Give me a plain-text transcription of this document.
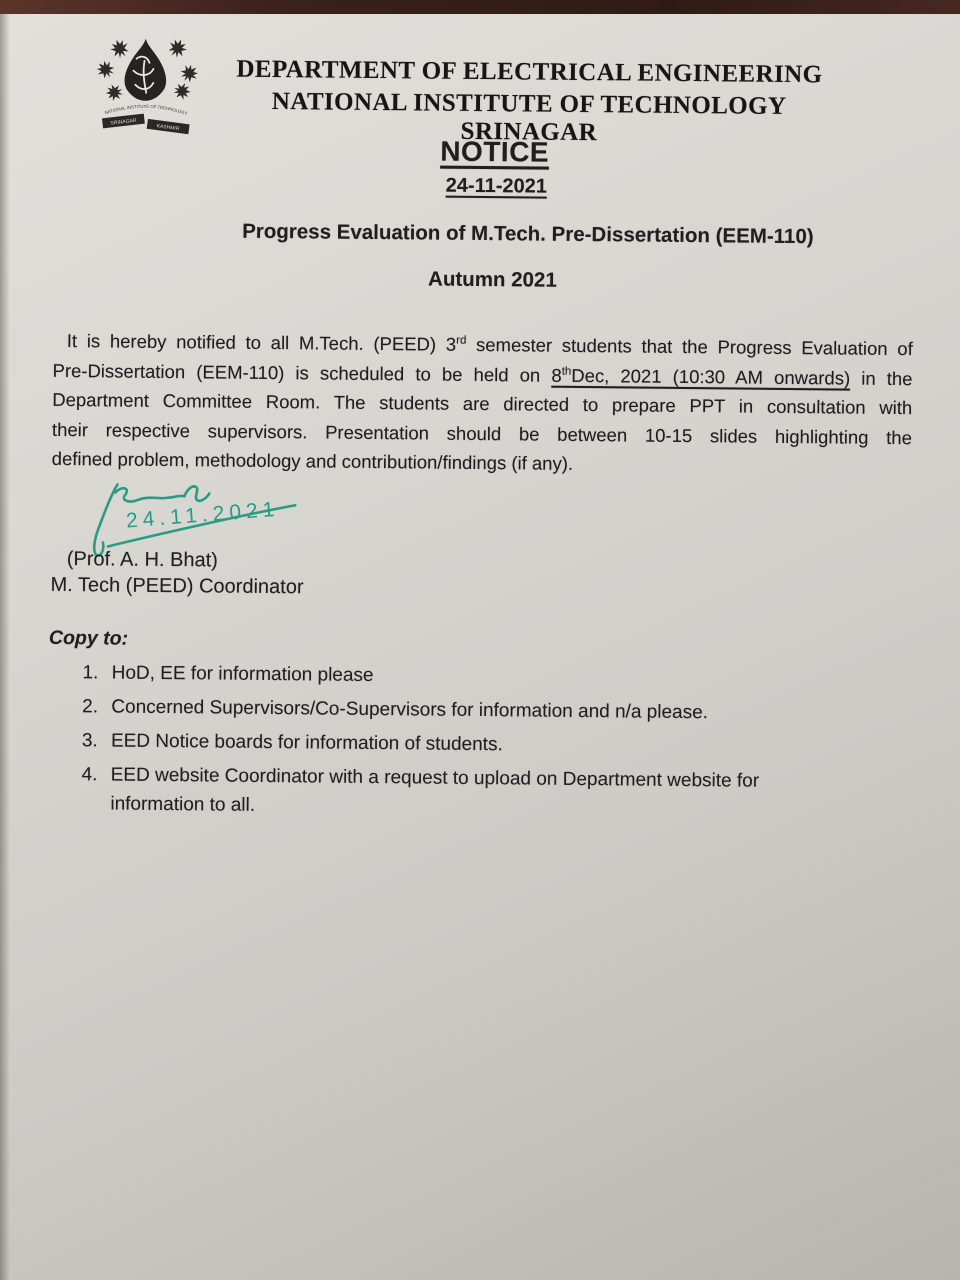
NATIONAL INSTITUTE OF TECHNOLOGY
SRINAGAR
KASHMIR
DEPARTMENT OF ELECTRICAL ENGINEERING
NATIONAL INSTITUTE OF TECHNOLOGY SRINAGAR
NOTICE
24-11-2021
Progress Evaluation of M.Tech. Pre-Dissertation (EEM-110)
Autumn 2021
It is hereby notified to all M.Tech. (PEED) 3rd semester students that the Progress Evaluation of
Pre-Dissertation (EEM-110) is scheduled to be held on 8thDec, 2021 (10:30 AM onwards) in the
Department Committee Room. The students are directed to prepare PPT in consultation with
their respective supervisors. Presentation should be between 10-15 slides highlighting the
defined problem, methodology and contribution/findings (if any).
24.11.2021
(Prof. A. H. Bhat)
M. Tech (PEED) Coordinator
Copy to:
1. HoD, EE for information please
2. Concerned Supervisors/Co-Supervisors for information and n/a please.
3. EED Notice boards for information of students.
4. EED website Coordinator with a request to upload on Department website for information to all.
